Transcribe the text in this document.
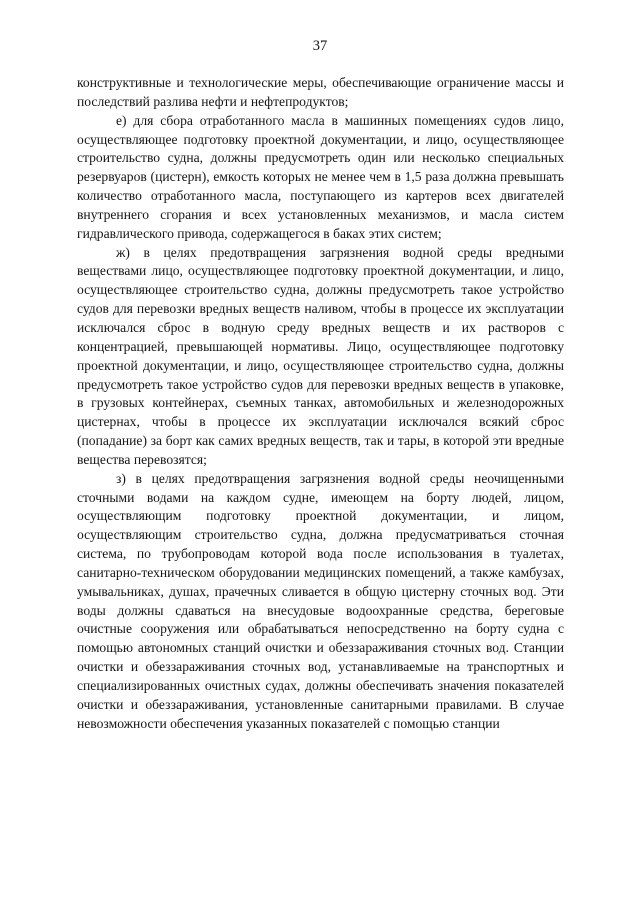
37

конструктивные и технологические меры, обеспечивающие ограничение массы и последствий разлива нефти и нефтепродуктов;

е) для сбора отработанного масла в машинных помещениях судов лицо, осуществляющее подготовку проектной документации, и лицо, осуществляющее строительство судна, должны предусмотреть один или несколько специальных резервуаров (цистерн), емкость которых не менее чем в 1,5 раза должна превышать количество отработанного масла, поступающего из картеров всех двигателей внутреннего сгорания и всех установленных механизмов, и масла систем гидравлического привода, содержащегося в баках этих систем;

ж) в целях предотвращения загрязнения водной среды вредными веществами лицо, осуществляющее подготовку проектной документации, и лицо, осуществляющее строительство судна, должны предусмотреть такое устройство судов для перевозки вредных веществ наливом, чтобы в процессе их эксплуатации исключался сброс в водную среду вредных веществ и их растворов с концентрацией, превышающей нормативы. Лицо, осуществляющее подготовку проектной документации, и лицо, осуществляющее строительство судна, должны предусмотреть такое устройство судов для перевозки вредных веществ в упаковке, в грузовых контейнерах, съемных танках, автомобильных и железнодорожных цистернах, чтобы в процессе их эксплуатации исключался всякий сброс (попадание) за борт как самих вредных веществ, так и тары, в которой эти вредные вещества перевозятся;

з) в целях предотвращения загрязнения водной среды неочищенными сточными водами на каждом судне, имеющем на борту людей, лицом, осуществляющим подготовку проектной документации, и лицом, осуществляющим строительство судна, должна предусматриваться сточная система, по трубопроводам которой вода после использования в туалетах, санитарно-техническом оборудовании медицинских помещений, а также камбузах, умывальниках, душах, прачечных сливается в общую цистерну сточных вод. Эти воды должны сдаваться на внесудовые водоохранные средства, береговые очистные сооружения или обрабатываться непосредственно на борту судна с помощью автономных станций очистки и обеззараживания сточных вод. Станции очистки и обеззараживания сточных вод, устанавливаемые на транспортных и специализированных очистных судах, должны обеспечивать значения показателей очистки и обеззараживания, установленные санитарными правилами. В случае невозможности обеспечения указанных показателей с помощью станции
